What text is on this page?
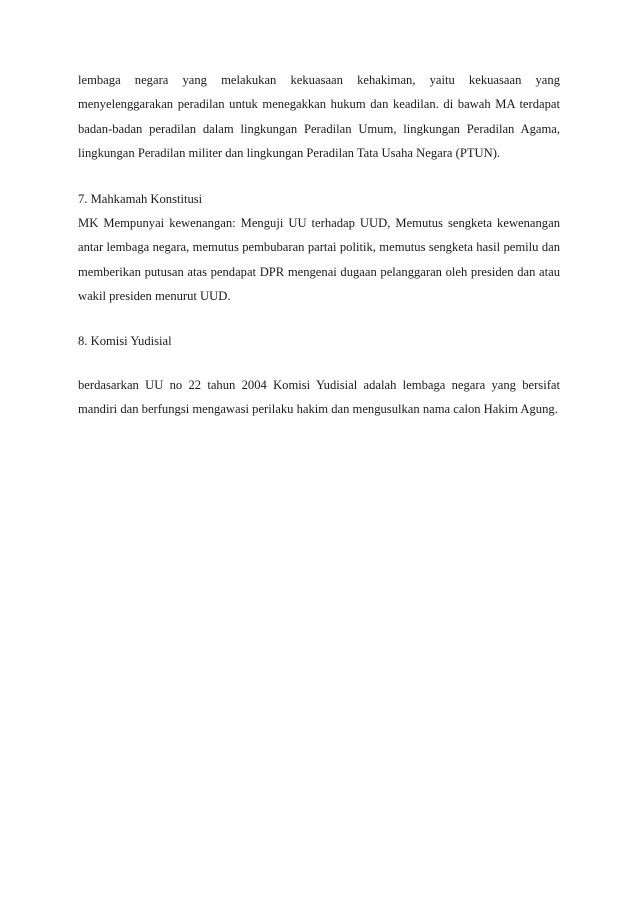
lembaga negara yang melakukan kekuasaan kehakiman, yaitu kekuasaan yang menyelenggarakan peradilan untuk menegakkan hukum dan keadilan. di bawah MA terdapat badan-badan peradilan dalam lingkungan Peradilan Umum, lingkungan Peradilan Agama, lingkungan Peradilan militer dan lingkungan Peradilan Tata Usaha Negara (PTUN).

7. Mahkamah Konstitusi

MK Mempunyai kewenangan: Menguji UU terhadap UUD, Memutus sengketa kewenangan antar lembaga negara, memutus pembubaran partai politik, memutus sengketa hasil pemilu dan memberikan putusan atas pendapat DPR mengenai dugaan pelanggaran oleh presiden dan atau wakil presiden menurut UUD.

8. Komisi Yudisial

berdasarkan UU no 22 tahun 2004 Komisi Yudisial adalah lembaga negara yang bersifat mandiri dan berfungsi mengawasi perilaku hakim dan mengusulkan nama calon Hakim Agung.
